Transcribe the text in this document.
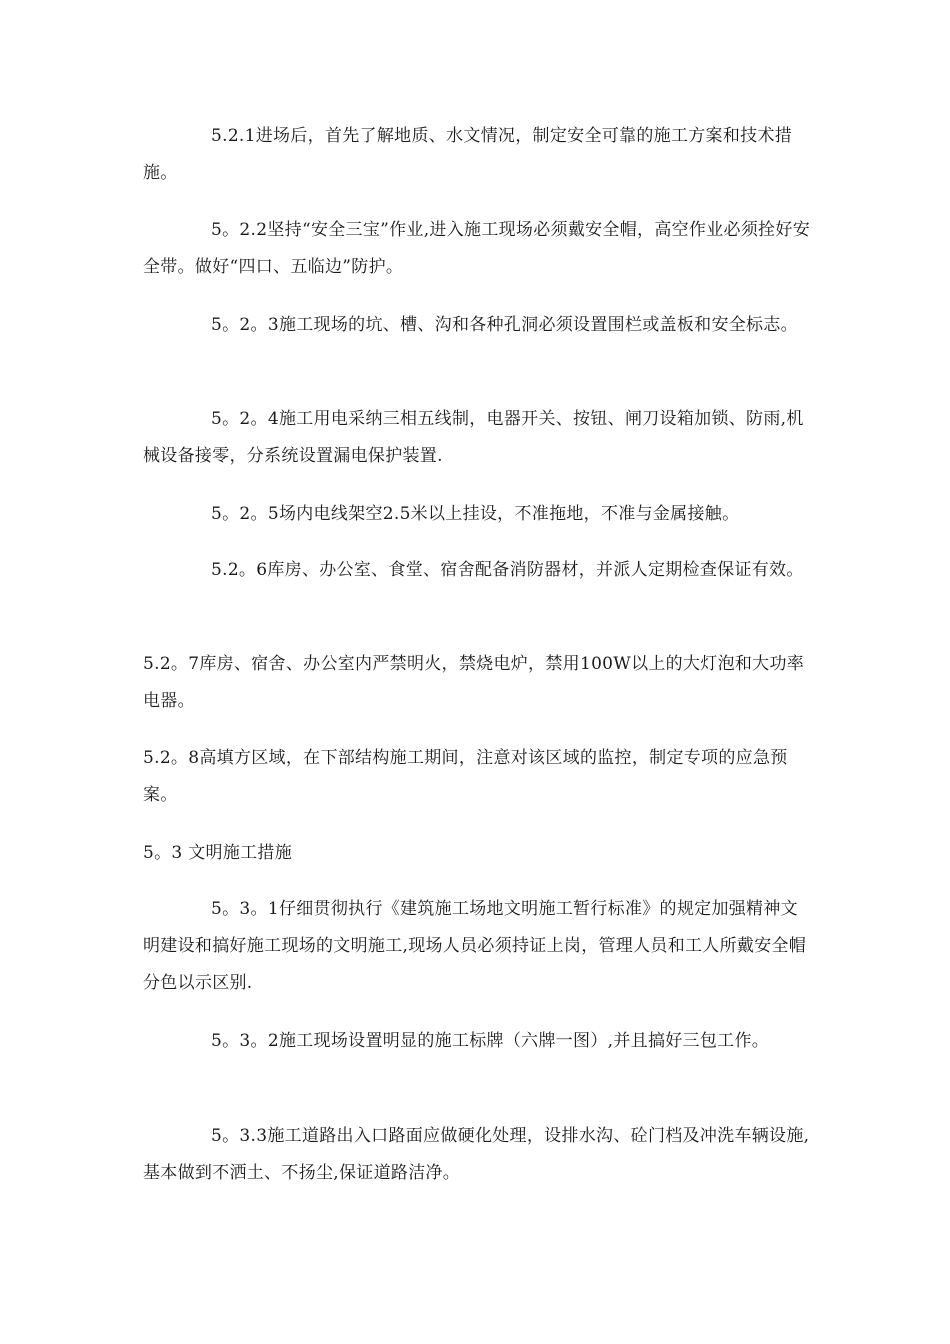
5.2.1进场后，首先了解地质、水文情况，制定安全可靠的施工方案和技术措施。

5。2.2坚持“安全三宝”作业,进入施工现场必须戴安全帽，高空作业必须拴好安全带。做好“四口、五临边”防护。

5。2。3施工现场的坑、槽、沟和各种孔洞必须设置围栏或盖板和安全标志。

5。2。4施工用电采纳三相五线制，电器开关、按钮、闸刀设箱加锁、防雨,机械设备接零，分系统设置漏电保护装置.

5。2。5场内电线架空2.5米以上挂设，不准拖地，不准与金属接触。

5.2。6库房、办公室、食堂、宿舍配备消防器材，并派人定期检查保证有效。

5.2。7库房、宿舍、办公室内严禁明火，禁烧电炉，禁用100W以上的大灯泡和大功率电器。

5.2。8高填方区域，在下部结构施工期间，注意对该区域的监控，制定专项的应急预案。

5。3 文明施工措施

5。3。1仔细贯彻执行《建筑施工场地文明施工暂行标准》的规定加强精神文明建设和搞好施工现场的文明施工,现场人员必须持证上岗，管理人员和工人所戴安全帽分色以示区别.

5。3。2施工现场设置明显的施工标牌（六牌一图）,并且搞好三包工作。

5。3.3施工道路出入口路面应做硬化处理，设排水沟、砼门档及冲洗车辆设施,基本做到不洒土、不扬尘,保证道路洁净。
